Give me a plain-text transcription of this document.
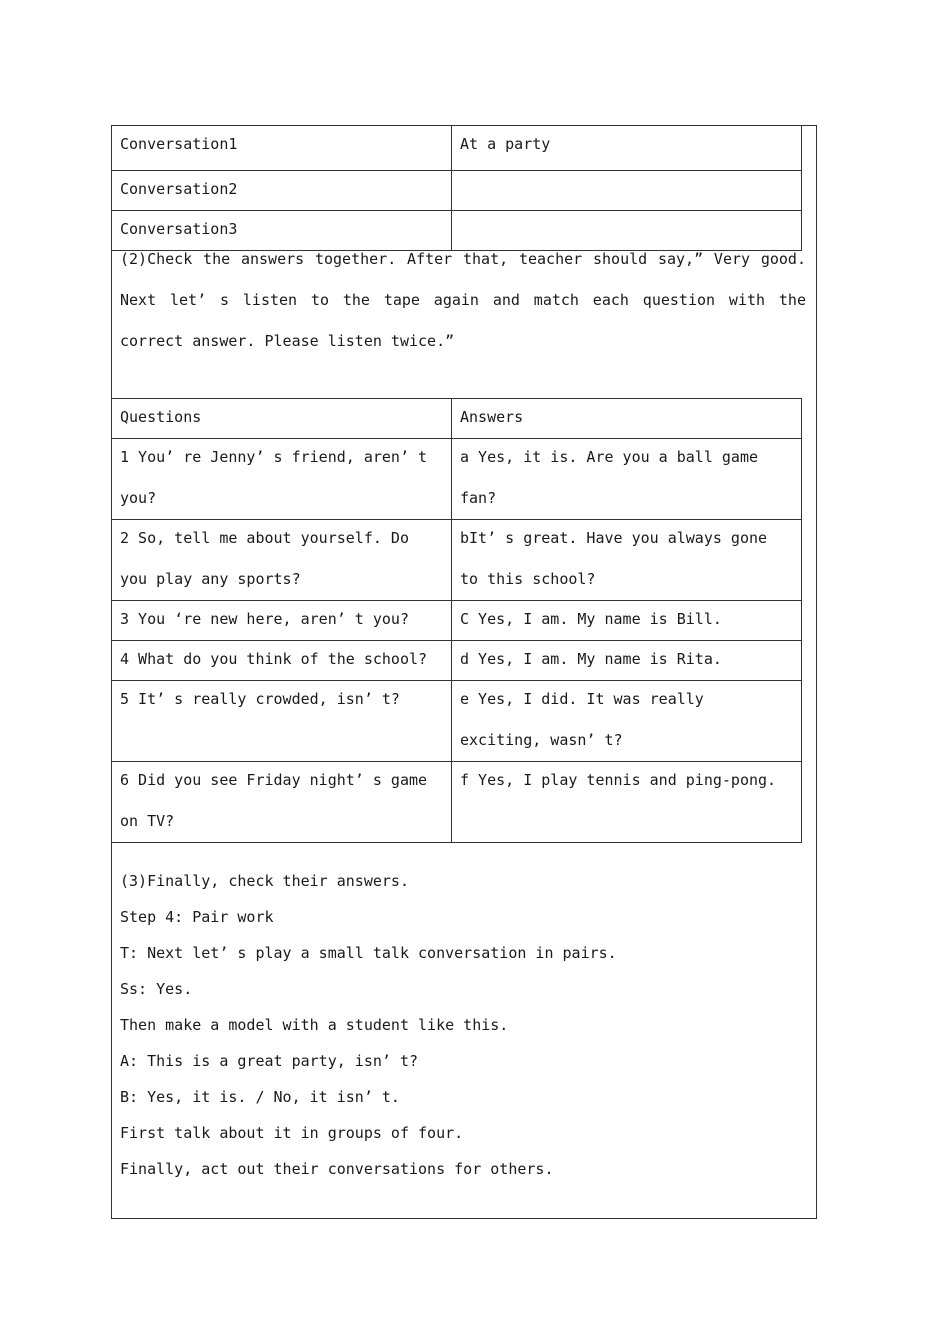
Conversation1	At a party

Conversation2	

Conversation3	

(2)Check the answers together. After that, teacher should say,” Very good. Next let’ s listen to the tape again and match each question with the correct answer. Please listen twice.”
Questions	Answers

1 You’ re Jenny’ s friend, aren’ t you?	a Yes, it is. Are you a ball game fan?

2 So, tell me about yourself. Do you play any sports?	bIt’ s great. Have you always gone to this school?

3 You ‘re new here, aren’ t you?	C Yes, I am. My name is Bill.

4 What do you think of the school?	d Yes, I am. My name is Rita.

5 It’ s really crowded, isn’ t?	e Yes, I did. It was really exciting, wasn’ t?

6 Did you see Friday night’ s game on TV?	f Yes, I play tennis and ping-pong.
(3)Finally, check their answers.
Step 4: Pair work
T: Next let’ s play a small talk conversation in pairs.
Ss: Yes.
Then make a model with a student like this.
A: This is a great party, isn’ t?
B: Yes, it is. / No, it isn’ t.
First talk about it in groups of four.
Finally, act out their conversations for others.
